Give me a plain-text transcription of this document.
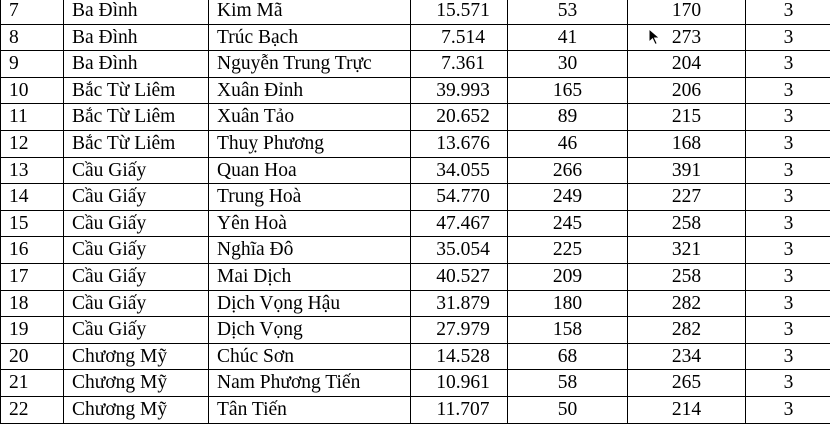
7	Ba Đình	Kim Mã	15.571	53	170	3
8	Ba Đình	Trúc Bạch	7.514	41	273	3
9	Ba Đình	Nguyễn Trung Trực	7.361	30	204	3
10	Bắc Từ Liêm	Xuân Đỉnh	39.993	165	206	3
11	Bắc Từ Liêm	Xuân Tảo	20.652	89	215	3
12	Bắc Từ Liêm	Thuỵ Phương	13.676	46	168	3
13	Cầu Giấy	Quan Hoa	34.055	266	391	3
14	Cầu Giấy	Trung Hoà	54.770	249	227	3
15	Cầu Giấy	Yên Hoà	47.467	245	258	3
16	Cầu Giấy	Nghĩa Đô	35.054	225	321	3
17	Cầu Giấy	Mai Dịch	40.527	209	258	3
18	Cầu Giấy	Dịch Vọng Hậu	31.879	180	282	3
19	Cầu Giấy	Dịch Vọng	27.979	158	282	3
20	Chương Mỹ	Chúc Sơn	14.528	68	234	3
21	Chương Mỹ	Nam Phương Tiến	10.961	58	265	3
22	Chương Mỹ	Tân Tiến	11.707	50	214	3
